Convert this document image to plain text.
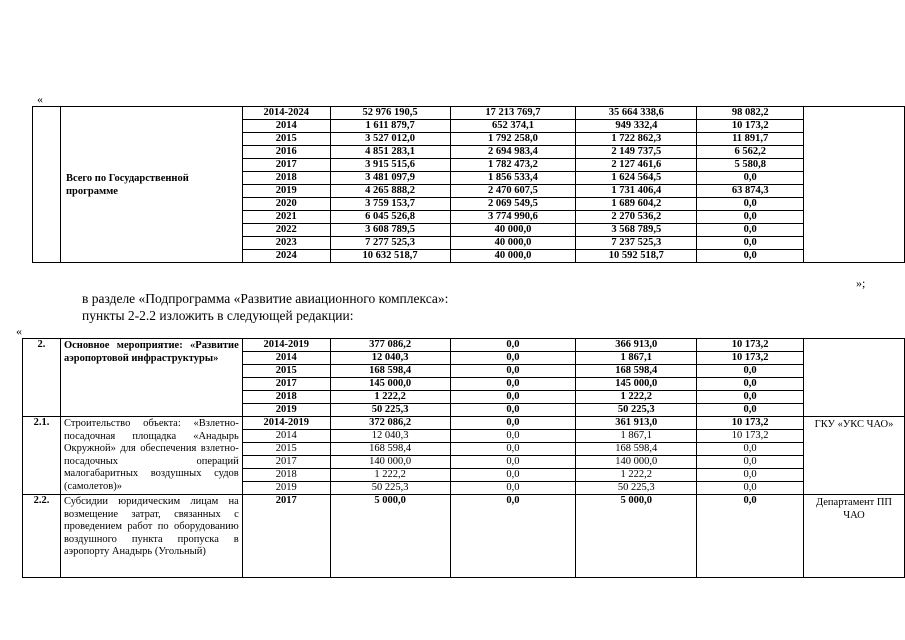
«
	Всего по Государственной программе	2014-2024	52 976 190,5	17 213 769,7	35 664 338,6	98 082,2	
		2014	1 611 879,7	652 374,1	949 332,4	10 173,2	
		2015	3 527 012,0	1 792 258,0	1 722 862,3	11 891,7	
		2016	4 851 283,1	2 694 983,4	2 149 737,5	6 562,2	
		2017	3 915 515,6	1 782 473,2	2 127 461,6	5 580,8	
		2018	3 481 097,9	1 856 533,4	1 624 564,5	0,0	
		2019	4 265 888,2	2 470 607,5	1 731 406,4	63 874,3	
		2020	3 759 153,7	2 069 549,5	1 689 604,2	0,0	
		2021	6 045 526,8	3 774 990,6	2 270 536,2	0,0	
		2022	3 608 789,5	40 000,0	3 568 789,5	0,0	
		2023	7 277 525,3	40 000,0	7 237 525,3	0,0	
		2024	10 632 518,7	40 000,0	10 592 518,7	0,0	
»;
в разделе «Подпрограмма «Развитие авиационного комплекса»:
пункты 2-2.2 изложить в следующей редакции:
«
2.	Основное мероприятие: «Развитие аэропортовой инфраструктуры»	2014-2019	377 086,2	0,0	366 913,0	10 173,2	
		2014	12 040,3	0,0	1 867,1	10 173,2	
		2015	168 598,4	0,0	168 598,4	0,0	
		2017	145 000,0	0,0	145 000,0	0,0	
		2018	1 222,2	0,0	1 222,2	0,0	
		2019	50 225,3	0,0	50 225,3	0,0	
2.1.	Строительство объекта: «Взлетно-посадочная площадка «Анадырь Окружной» для обеспечения взлетно-посадочных операций малогабаритных воздушных судов (самолетов)»	2014-2019	372 086,2	0,0	361 913,0	10 173,2	ГКУ «УКС ЧАО»
		2014	12 040,3	0,0	1 867,1	10 173,2	
		2015	168 598,4	0,0	168 598,4	0,0	
		2017	140 000,0	0,0	140 000,0	0,0	
		2018	1 222,2	0,0	1 222,2	0,0	
		2019	50 225,3	0,0	50 225,3	0,0	
2.2.	Субсидии юридическим лицам на возмещение затрат, связанных с проведением работ по оборудованию воздушного пункта пропуска в аэропорту Анадырь (Угольный)	2017	5 000,0	0,0	5 000,0	0,0	Департамент ПП ЧАО
